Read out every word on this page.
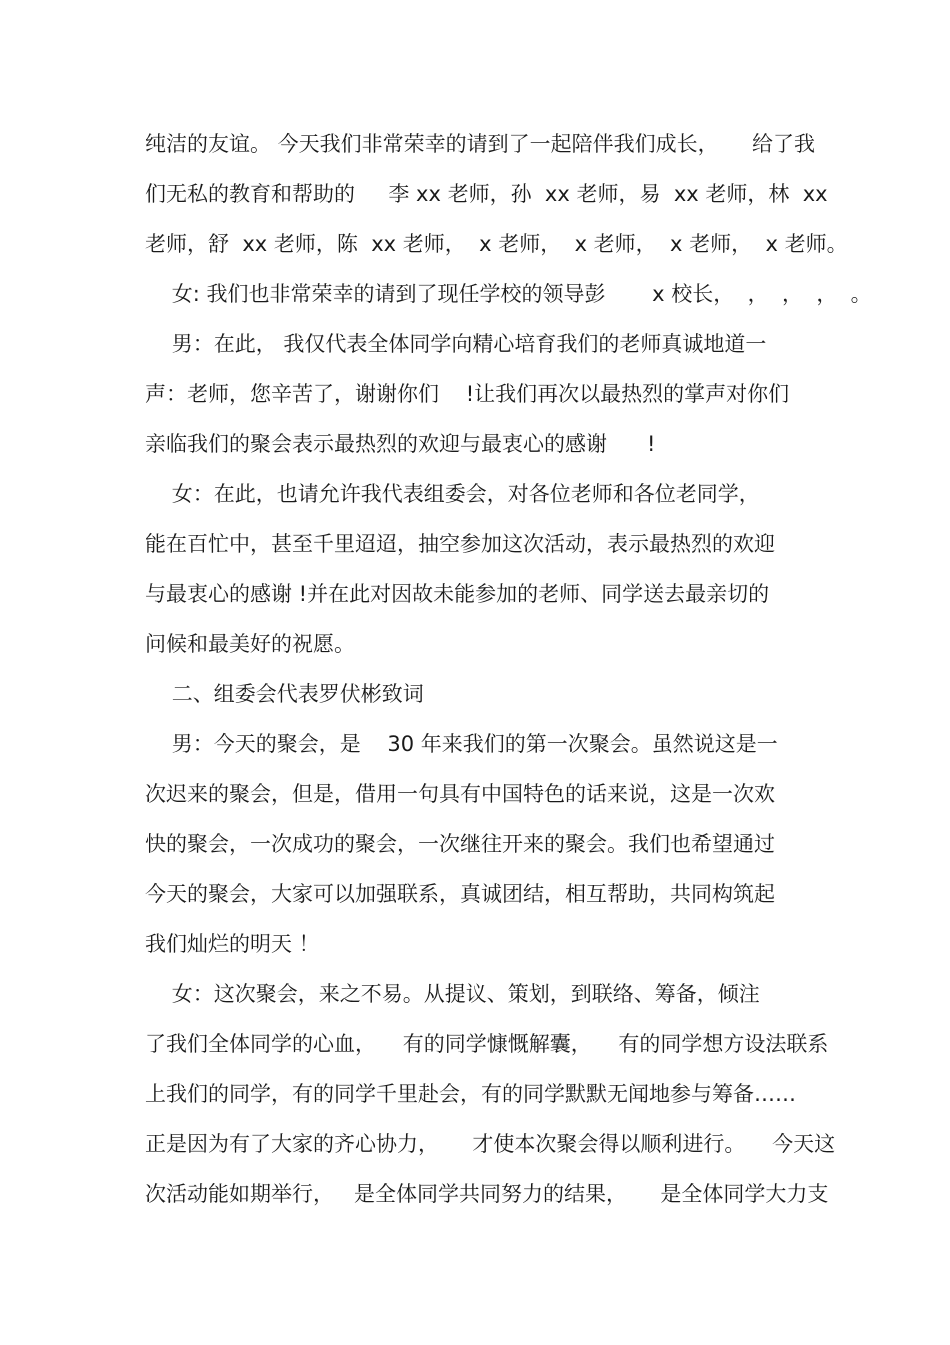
纯洁的友谊。 今天我们非常荣幸的请到了一起陪伴我们成长，     给了我
们无私的教育和帮助的     李 xx 老师，孙  xx 老师，易  xx 老师，林  xx
老师，舒  xx 老师，陈  xx 老师，  x 老师，  x 老师，  x 老师，  x 老师。
女: 我们也非常荣幸的请到了现任学校的领导彭       x 校长，  ，  ，  ，  。
男：在此， 我仅代表全体同学向精心培育我们的老师真诚地道一
声：老师，您辛苦了，谢谢你们    !让我们再次以最热烈的掌声对你们
亲临我们的聚会表示最热烈的欢迎与最衷心的感谢      !
女：在此，也请允许我代表组委会，对各位老师和各位老同学，
能在百忙中，甚至千里迢迢，抽空参加这次活动，表示最热烈的欢迎
与最衷心的感谢 !并在此对因故未能参加的老师、同学送去最亲切的
问候和最美好的祝愿。
二、组委会代表罗伏彬致词
男：今天的聚会，是    30 年来我们的第一次聚会。虽然说这是一
次迟来的聚会，但是，借用一句具有中国特色的话来说，这是一次欢
快的聚会，一次成功的聚会，一次继往开来的聚会。我们也希望通过
今天的聚会，大家可以加强联系，真诚团结，相互帮助，共同构筑起
我们灿烂的明天 ！
女：这次聚会，来之不易。从提议、策划，到联络、筹备，倾注
了我们全体同学的心血，    有的同学慷慨解囊，    有的同学想方设法联系
上我们的同学，有的同学千里赴会，有的同学默默无闻地参与筹备……
正是因为有了大家的齐心协力，     才使本次聚会得以顺利进行。    今天这
次活动能如期举行，   是全体同学共同努力的结果，     是全体同学大力支
